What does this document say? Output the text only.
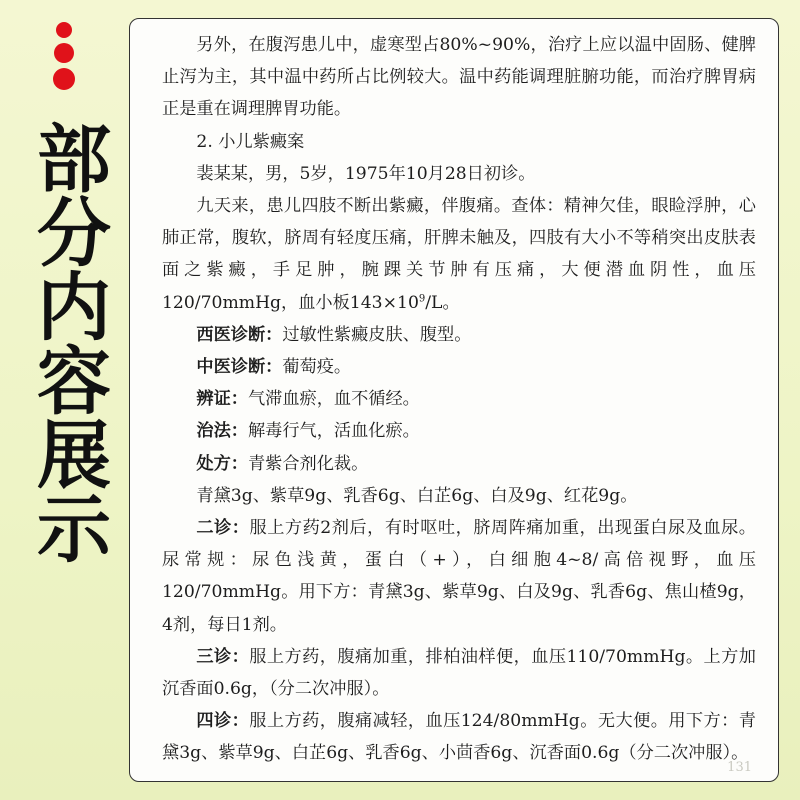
部分内容展示

另外，在腹泻患儿中，虚寒型占80%~90%，治疗上应以温中固肠、健脾止泻为主，其中温中药所占比例较大。温中药能调理脏腑功能，而治疗脾胃病正是重在调理脾胃功能。

2. 小儿紫癜案

裴某某，男，5岁，1975年10月28日初诊。

九天来，患儿四肢不断出紫癜，伴腹痛。查体：精神欠佳，眼睑浮肿，心肺正常，腹软，脐周有轻度压痛，肝脾未触及，四肢有大小不等稍突出皮肤表面之紫癜，手足肿，腕踝关节肿有压痛，大便潜血阴性，血压120/70mmHg，血小板$143\times 10^9/L$。

西医诊断：过敏性紫癜皮肤、腹型。

中医诊断：葡萄疫。

辨证：气滞血瘀，血不循经。

治法：解毒行气，活血化瘀。

处方：青紫合剂化裁。

青黛3g、紫草9g、乳香6g、白芷6g、白及9g、红花9g。

二诊：服上方药2剂后，有时呕吐，脐周阵痛加重，出现蛋白尿及血尿。尿常规：尿色浅黄，蛋白（+），白细胞4~8/高倍视野，血压120/70mmHg。用下方：青黛3g、紫草9g、白及9g、乳香6g、焦山楂9g，4剂，每日1剂。

三诊：服上方药，腹痛加重，排柏油样便，血压110/70mmHg。上方加沉香面0.6g，（分二次冲服）。

四诊：服上方药，腹痛减轻，血压124/80mmHg。无大便。用下方：青黛3g、紫草9g、白芷6g、乳香6g、小茴香6g、沉香面0.6g（分二次冲服）。

131
